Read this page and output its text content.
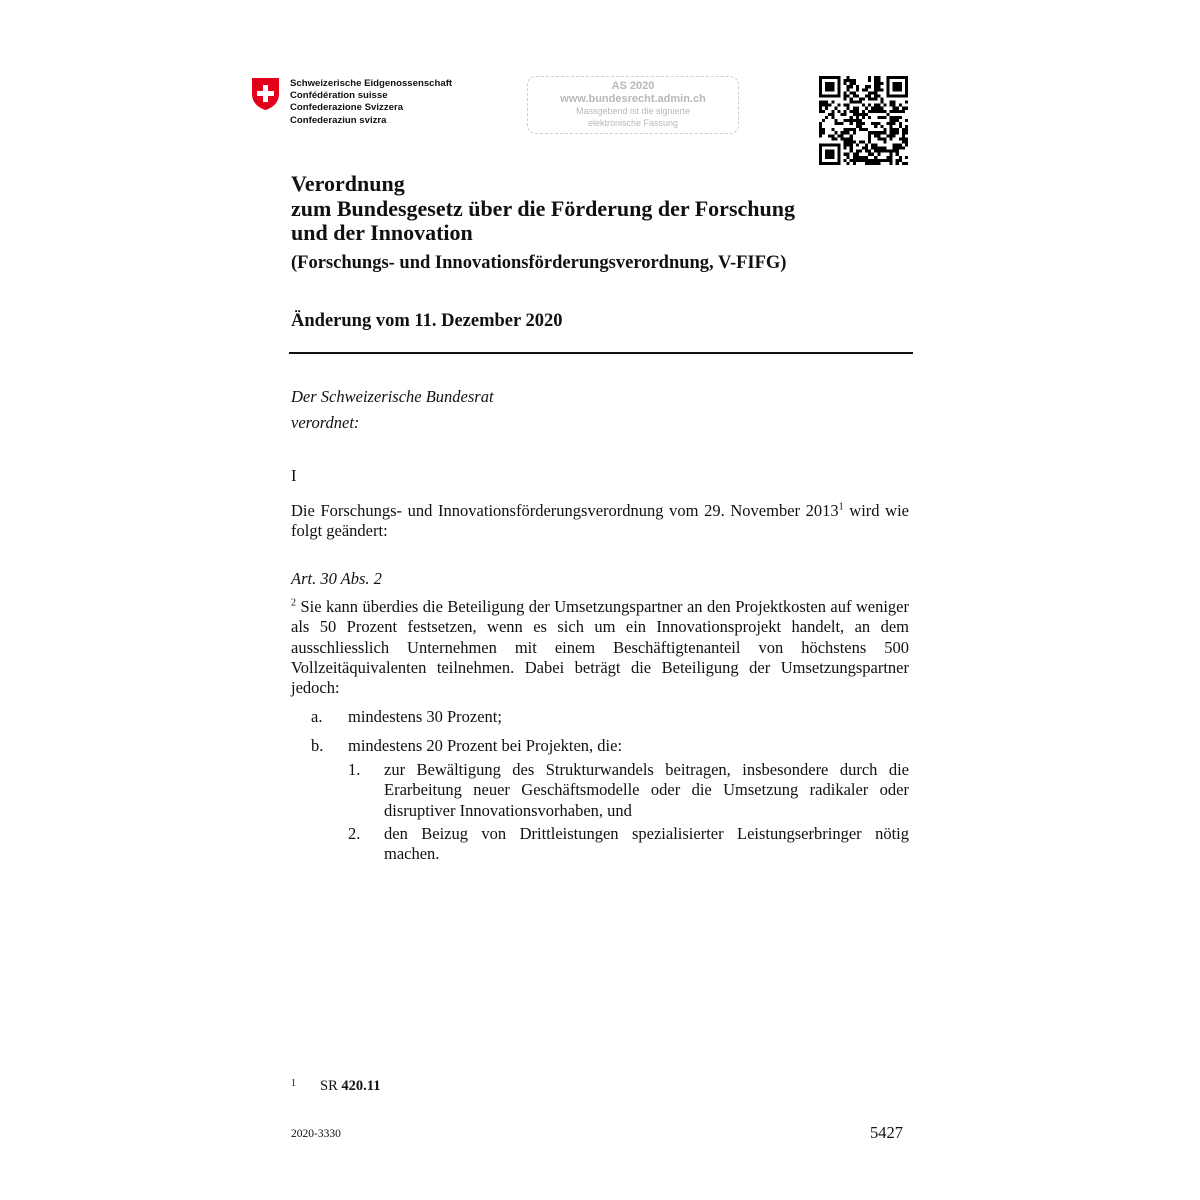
Schweizerische Eidgenossenschaft
Confédération suisse
Confederazione Svizzera
Confederaziun svizra
AS 2020
www.bundesrecht.admin.ch
Massgebend ist die signierte
elektronische Fassung
Verordnung
zum Bundesgesetz über die Förderung der Forschung
und der Innovation
(Forschungs- und Innovationsförderungsverordnung, V-FIFG)
Änderung vom 11. Dezember 2020
Der Schweizerische Bundesrat
verordnet:
I
Die Forschungs- und Innovationsförderungsverordnung vom 29. November 2013$^1$ wird wie folgt geändert:
Art. 30 Abs. 2
$^2$ Sie kann überdies die Beteiligung der Umsetzungspartner an den Projektkosten auf weniger als 50 Prozent festsetzen, wenn es sich um ein Innovationsprojekt handelt, an dem ausschliesslich Unternehmen mit einem Beschäftigtenanteil von höchstens 500 Vollzeitäquivalenten teilnehmen. Dabei beträgt die Beteiligung der Umsetzungspartner jedoch:
a. mindestens 30 Prozent;
b. mindestens 20 Prozent bei Projekten, die:
1. zur Bewältigung des Strukturwandels beitragen, insbesondere durch die Erarbeitung neuer Geschäftsmodelle oder die Umsetzung radikaler oder disruptiver Innovationsvorhaben, und
2. den Beizug von Drittleistungen spezialisierter Leistungserbringer nötig machen.
$^1$ SR 420.11
2020-3330	5427
